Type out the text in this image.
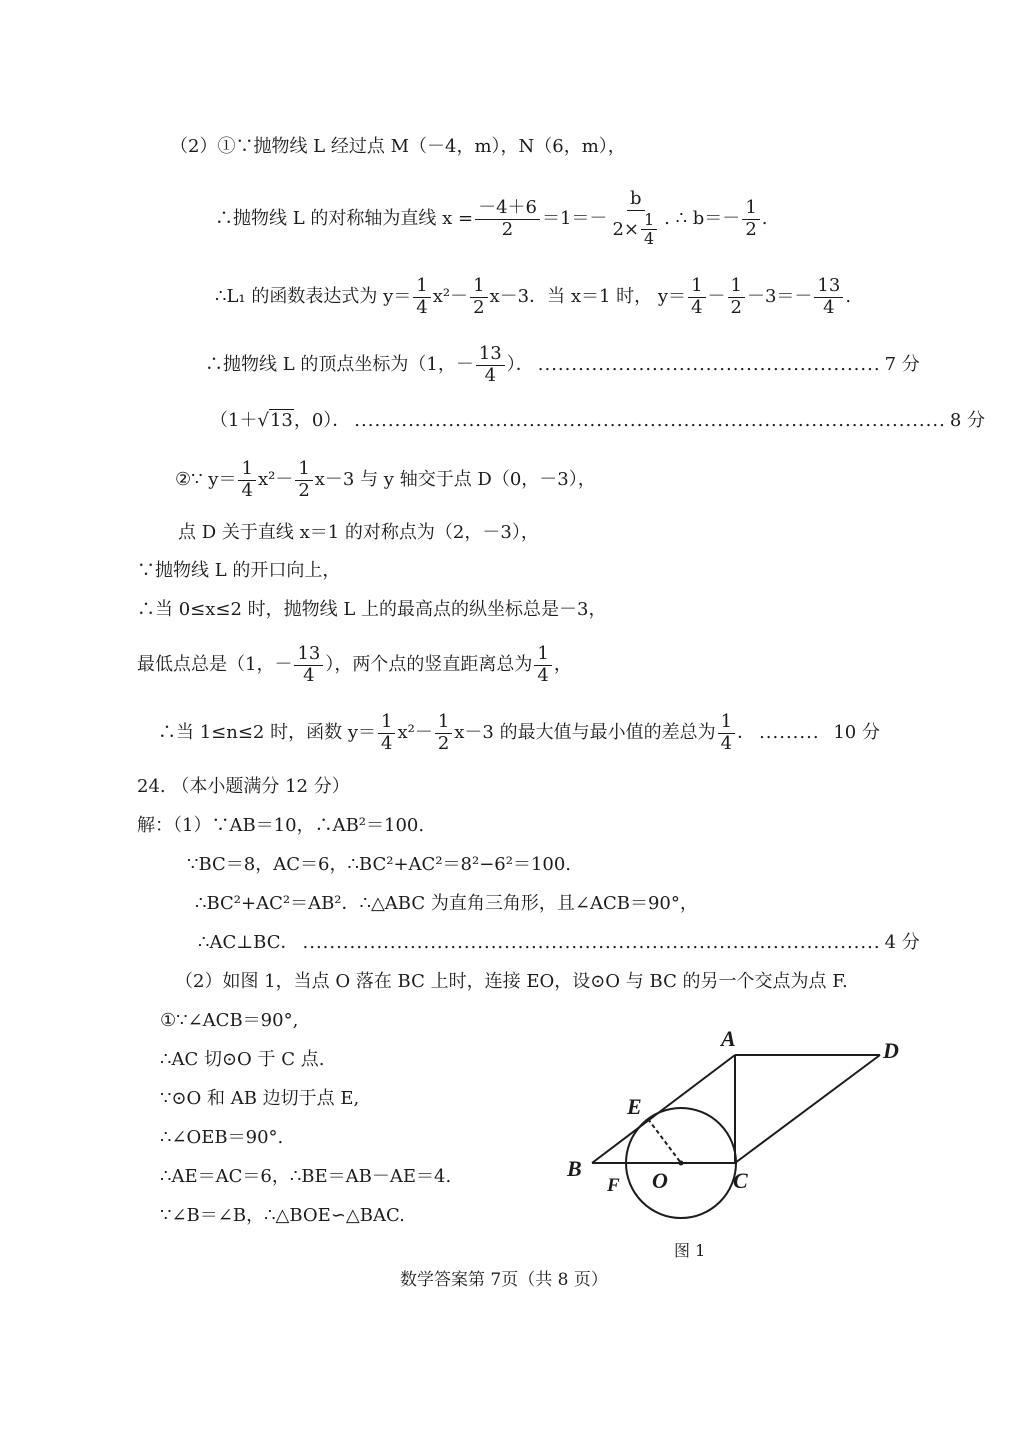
（2）①∵抛物线 L 经过点 M（－4，m），N（6，m），
∴抛物线 L 的对称轴为直线 $x = \frac{-4+6}{2} =1=- \frac{b}{2\times \frac{1}{4}}$ . ∴ $b=- \frac{1}{2}$ .
∴L₁ 的函数表达式为 $y= \frac{1}{4} x^2- \frac{1}{2} x-3$．当 x＝1 时， $y= \frac{1}{4} - \frac{1}{2} -3=- \frac{13}{4}$ .
∴抛物线 L 的顶点坐标为（1，－ $\frac{13}{4}$ ）． ................................................... 7 分
（1＋ √13 ，0）． ........................................................................................ 8 分
②∵ $y= \frac{1}{4} x^2- \frac{1}{2} x-3$ 与 y 轴交于点 D（0，－3），
点 D 关于直线 x＝1 的对称点为（2，－3），
∵抛物线 L 的开口向上，
∴当 0≤x≤2 时，抛物线 L 上的最高点的纵坐标总是－3，
最低点总是（1，－ $\frac{13}{4}$ ），两个点的竖直距离总为 $\frac{1}{4}$ ，
∴当 1≤n≤2 时，函数 $y= \frac{1}{4} x^2- \frac{1}{2} x-3$ 的最大值与最小值的差总为 $\frac{1}{4}$ ． ......... 10 分
24. （本小题满分 12 分）
解：（1）∵AB＝10，∴AB²＝100.
∵BC＝8，AC＝6，∴BC²+AC²＝8²−6²＝100.
∴BC²+AC²＝AB²．∴△ABC 为直角三角形，且∠ACB＝90°，
∴AC⊥BC． ...................................................................................... 4 分
（2）如图 1，当点 O 落在 BC 上时，连接 EO，设⊙O 与 BC 的另一个交点为点 F.
①∵∠ACB＝90°,
∴AC 切⊙O 于 C 点.
∵⊙O 和 AB 边切于点 E,
∴∠OEB＝90°.
∴AE＝AC＝6，∴BE＝AB－AE＝4.
∵∠B＝∠B，∴△BOE∽△BAC.
A	D
E
B
F O	C
图 1
数学答案第 7页（共 8 页）
